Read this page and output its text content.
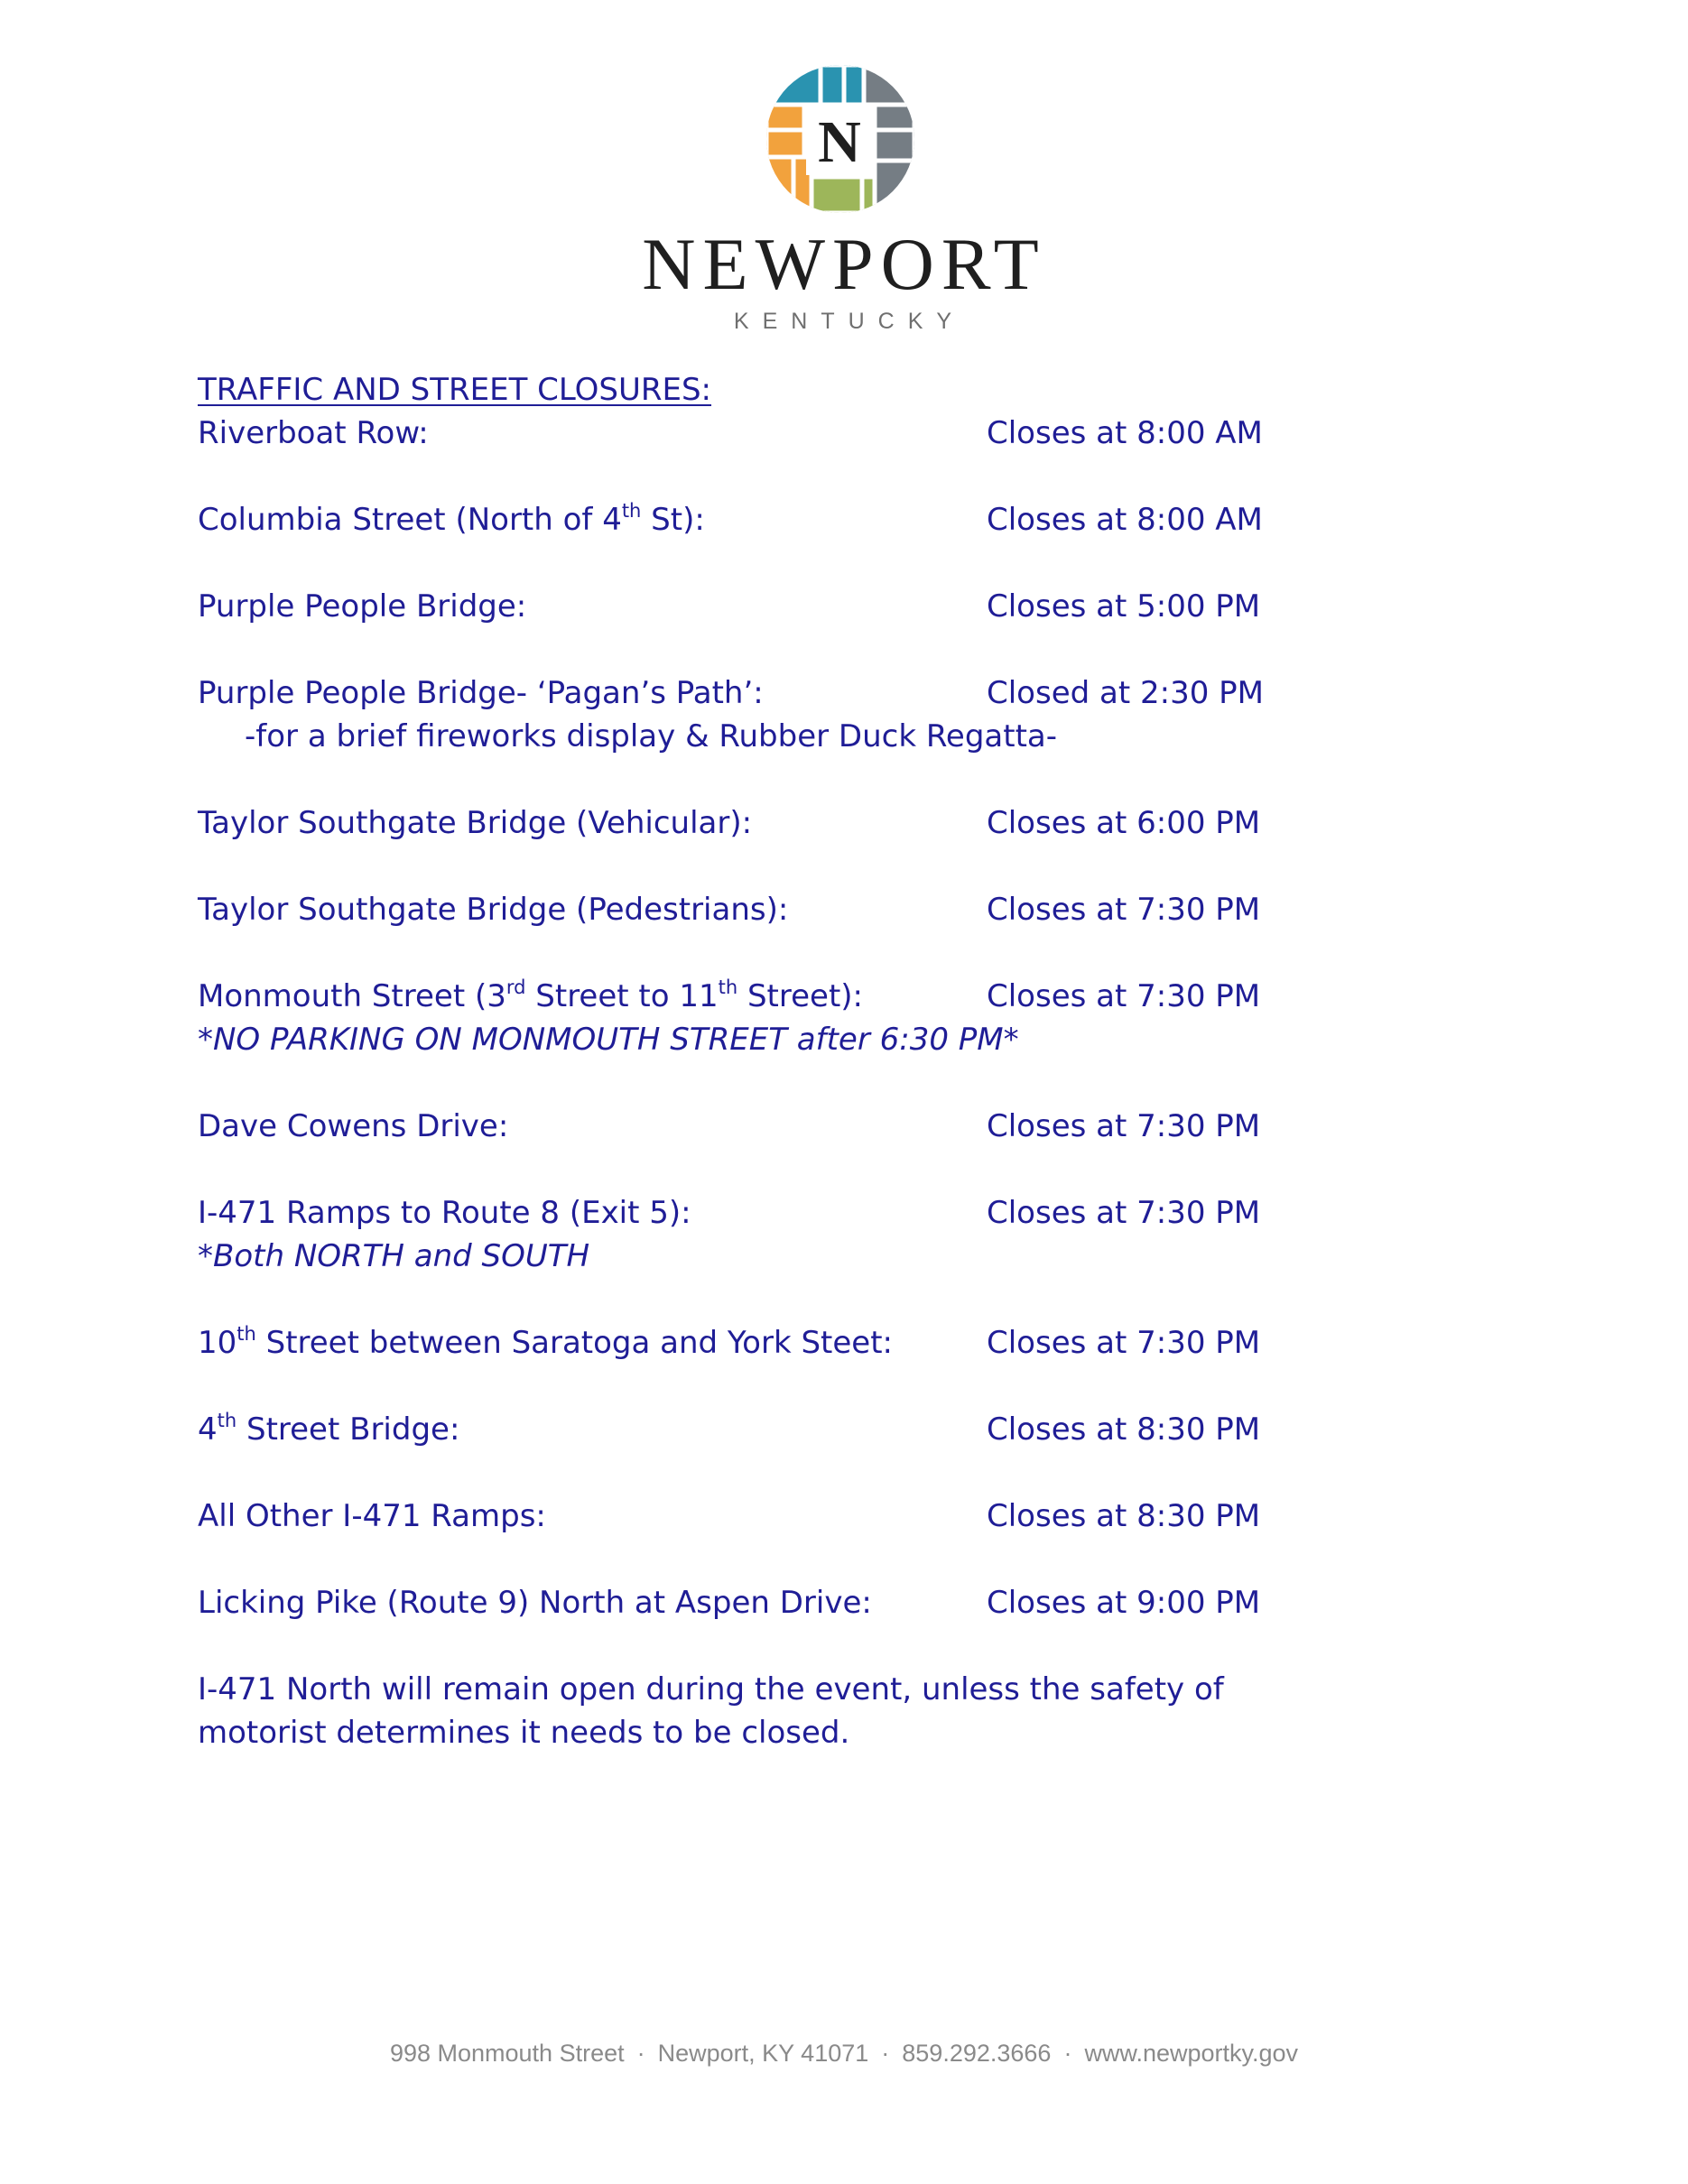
N
NEWPORT
KENTUCKY
TRAFFIC AND STREET CLOSURES:
Riverboat Row:	Closes at 8:00 AM
Columbia Street (North of 4th St):	Closes at 8:00 AM
Purple People Bridge:	Closes at 5:00 PM
Purple People Bridge- ‘Pagan’s Path’:	Closed at 2:30 PM
-for a brief fireworks display & Rubber Duck Regatta-
Taylor Southgate Bridge (Vehicular):	Closes at 6:00 PM
Taylor Southgate Bridge (Pedestrians):	Closes at 7:30 PM
Monmouth Street (3rd Street to 11th Street):	Closes at 7:30 PM
*NO PARKING ON MONMOUTH STREET after 6:30 PM*
Dave Cowens Drive:	Closes at 7:30 PM
I-471 Ramps to Route 8 (Exit 5):	Closes at 7:30 PM
*Both NORTH and SOUTH
10th Street between Saratoga and York Steet:	Closes at 7:30 PM
4th Street Bridge:	Closes at 8:30 PM
All Other I-471 Ramps:	Closes at 8:30 PM
Licking Pike (Route 9) North at Aspen Drive:	Closes at 9:00 PM
I-471 North will remain open during the event, unless the safety of motorist determines it needs to be closed.
998 Monmouth Street · Newport, KY 41071 · 859.292.3666 · www.newportky.gov
